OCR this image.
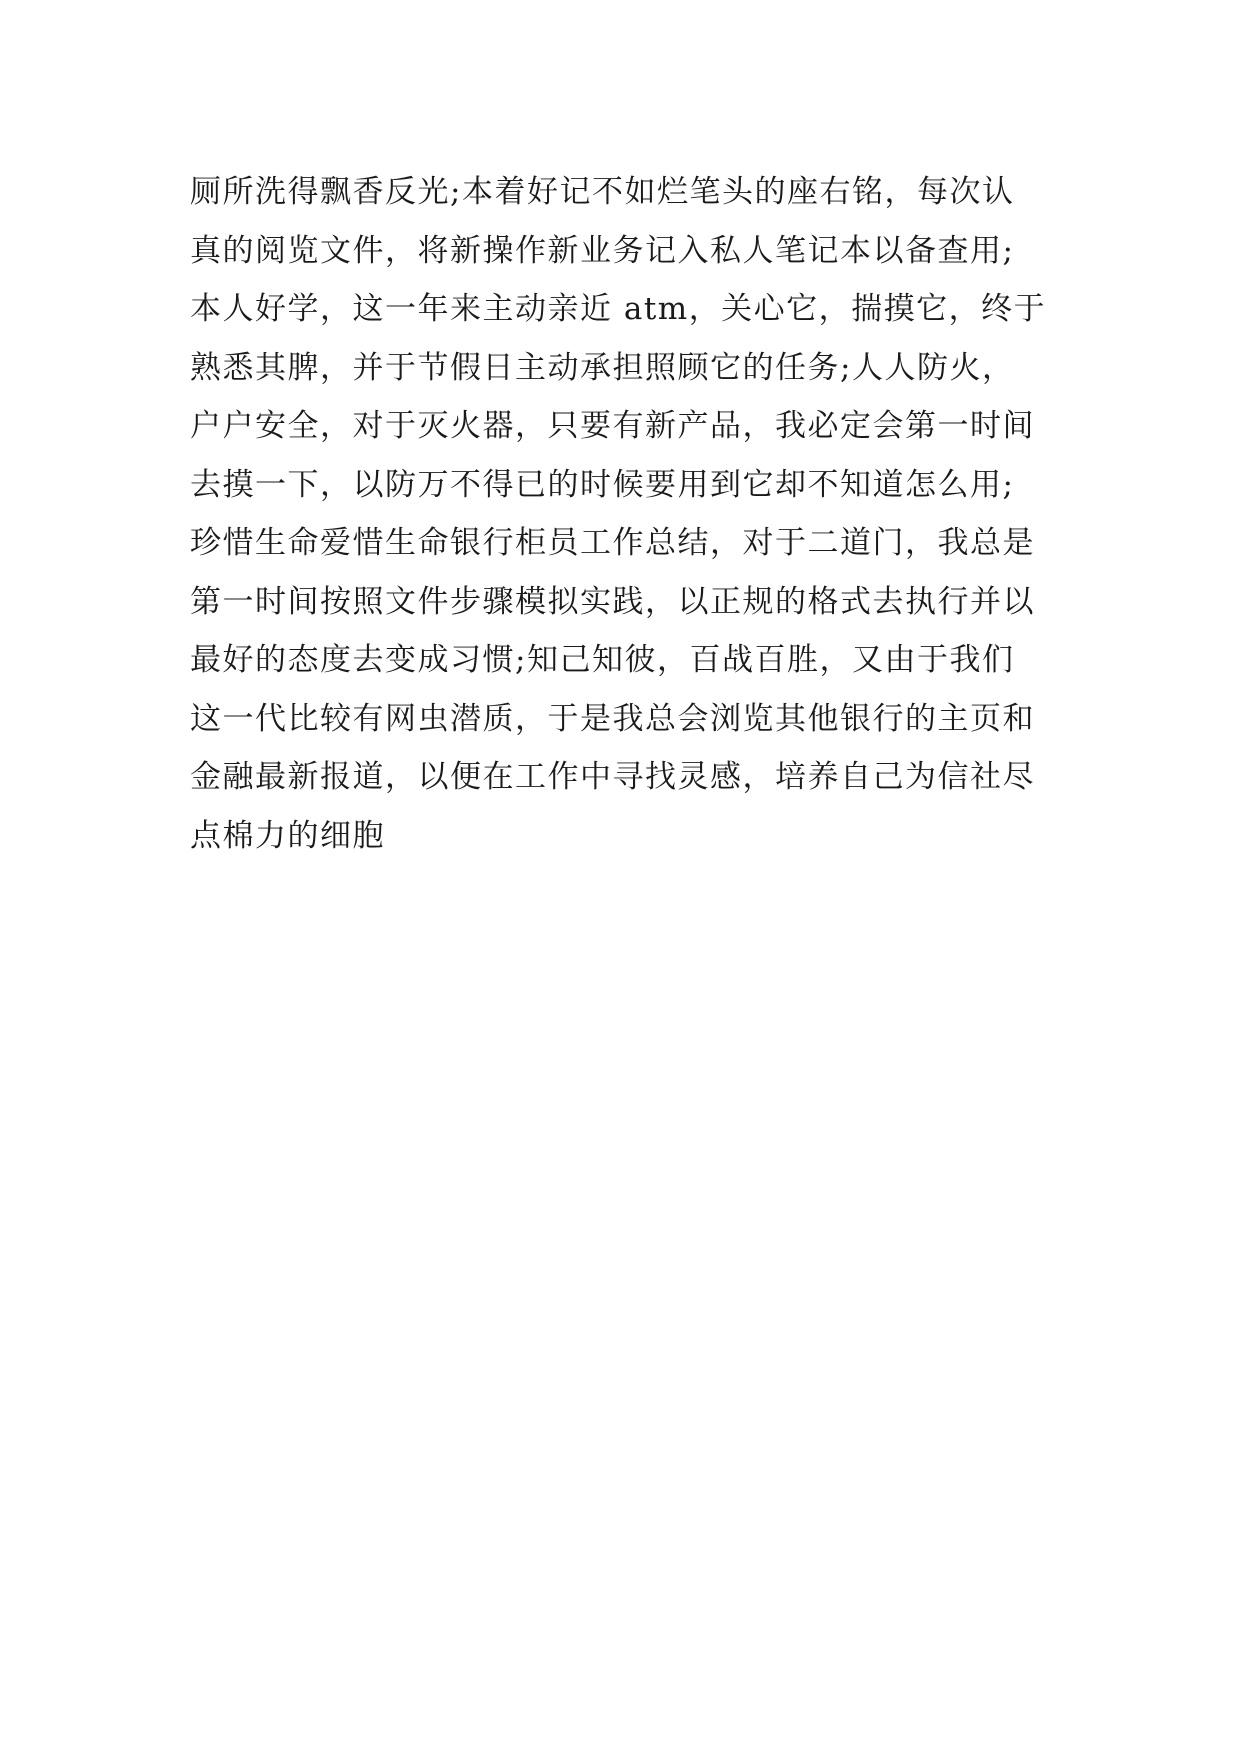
厕所洗得飘香反光;本着好记不如烂笔头的座右铭，每次认
真的阅览文件，将新操作新业务记入私人笔记本以备查用;
本人好学，这一年来主动亲近 atm，关心它，揣摸它，终于
熟悉其脾，并于节假日主动承担照顾它的任务;人人防火，
户户安全，对于灭火器，只要有新产品，我必定会第一时间
去摸一下，以防万不得已的时候要用到它却不知道怎么用;
珍惜生命爱惜生命银行柜员工作总结，对于二道门，我总是
第一时间按照文件步骤模拟实践，以正规的格式去执行并以
最好的态度去变成习惯;知己知彼，百战百胜，又由于我们
这一代比较有网虫潜质，于是我总会浏览其他银行的主页和
金融最新报道，以便在工作中寻找灵感，培养自己为信社尽
点棉力的细胞
